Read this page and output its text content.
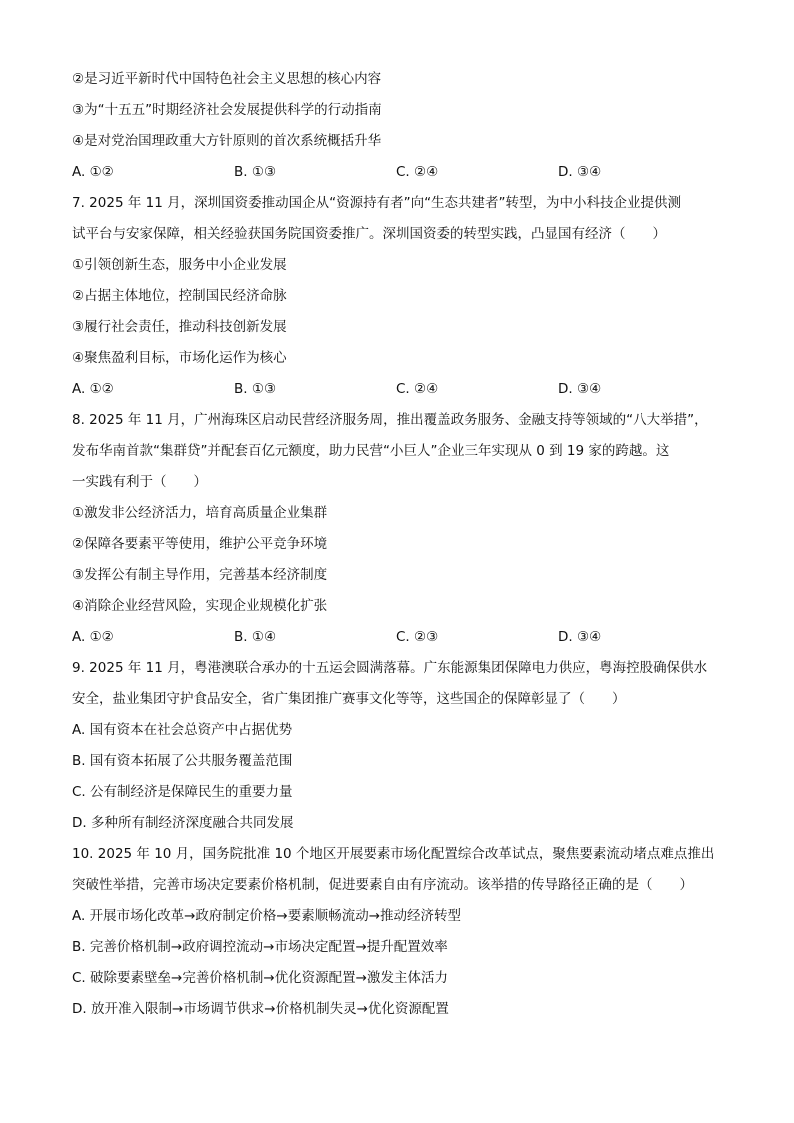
②是习近平新时代中国特色社会主义思想的核心内容
③为“十五五”时期经济社会发展提供科学的行动指南
④是对党治国理政重大方针原则的首次系统概括升华
A. ①②	B. ①③	C. ②④	D. ③④
7. 2025 年 11 月，深圳国资委推动国企从“资源持有者”向“生态共建者”转型，为中小科技企业提供测
试平台与安家保障，相关经验获国务院国资委推广。深圳国资委的转型实践，凸显国有经济（　　）
①引领创新生态，服务中小企业发展
②占据主体地位，控制国民经济命脉
③履行社会责任，推动科技创新发展
④聚焦盈利目标，市场化运作为核心
A. ①②	B. ①③	C. ②④	D. ③④
8. 2025 年 11 月，广州海珠区启动民营经济服务周，推出覆盖政务服务、金融支持等领域的“八大举措”，
发布华南首款“集群贷”并配套百亿元额度，助力民营“小巨人”企业三年实现从 0 到 19 家的跨越。这
一实践有利于（　　）
①激发非公经济活力，培育高质量企业集群
②保障各要素平等使用，维护公平竞争环境
③发挥公有制主导作用，完善基本经济制度
④消除企业经营风险，实现企业规模化扩张
A. ①②	B. ①④	C. ②③	D. ③④
9. 2025 年 11 月，粤港澳联合承办的十五运会圆满落幕。广东能源集团保障电力供应，粤海控股确保供水
安全，盐业集团守护食品安全，省广集团推广赛事文化等等，这些国企的保障彰显了（　　）
A. 国有资本在社会总资产中占据优势
B. 国有资本拓展了公共服务覆盖范围
C. 公有制经济是保障民生的重要力量
D. 多种所有制经济深度融合共同发展
10. 2025 年 10 月，国务院批准 10 个地区开展要素市场化配置综合改革试点，聚焦要素流动堵点难点推出
突破性举措，完善市场决定要素价格机制，促进要素自由有序流动。该举措的传导路径正确的是（　　）
A. 开展市场化改革→政府制定价格→要素顺畅流动→推动经济转型
B. 完善价格机制→政府调控流动→市场决定配置→提升配置效率
C. 破除要素壁垒→完善价格机制→优化资源配置→激发主体活力
D. 放开准入限制→市场调节供求→价格机制失灵→优化资源配置
